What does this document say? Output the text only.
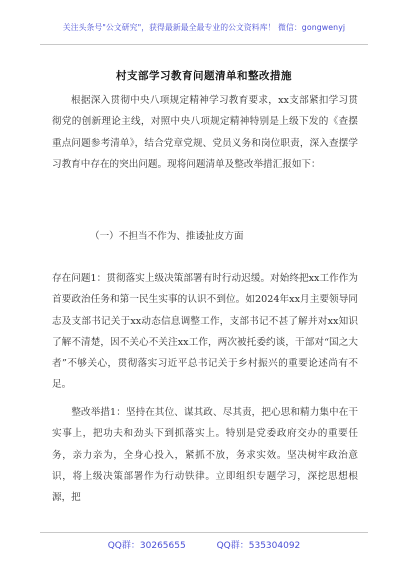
关注头条号"公文研究"，获得最新最全最专业的公文资料库！ 微信：gongwenyj
村支部学习教育问题清单和整改措施
根据深入贯彻中央八项规定精神学习教育要求，xx支部紧扣学习贯彻党的创新理论主线，对照中央八项规定精神特别是上级下发的《查摆重点问题参考清单》，结合党章党规、党员义务和岗位职责，深入查摆学习教育中存在的突出问题。现将问题清单及整改举措汇报如下：
（一）不担当不作为、推诿扯皮方面
存在问题1：贯彻落实上级决策部署有时行动迟缓。对始终把xx工作作为首要政治任务和第一民生实事的认识不到位。如2024年xx月主要领导同志及支部书记关于xx动态信息调整工作，支部书记不甚了解并对xx知识了解不清楚，因不关心不关注xx工作，两次被托委约谈，干部对“国之大者”不够关心，贯彻落实习近平总书记关于乡村振兴的重要论述尚有不足。
　　整改举措1：坚持在其位、谋其政、尽其责，把心思和精力集中在干实事上，把功夫和劲头下到抓落实上。特别是党委政府交办的重要任务，亲力亲为，全身心投入，紧抓不放，务求实效。坚决树牢政治意识，将上级决策部署作为行动铁律。立即组织专题学习，深挖思想根源，把
QQ群：30265655	QQ群：535304092
